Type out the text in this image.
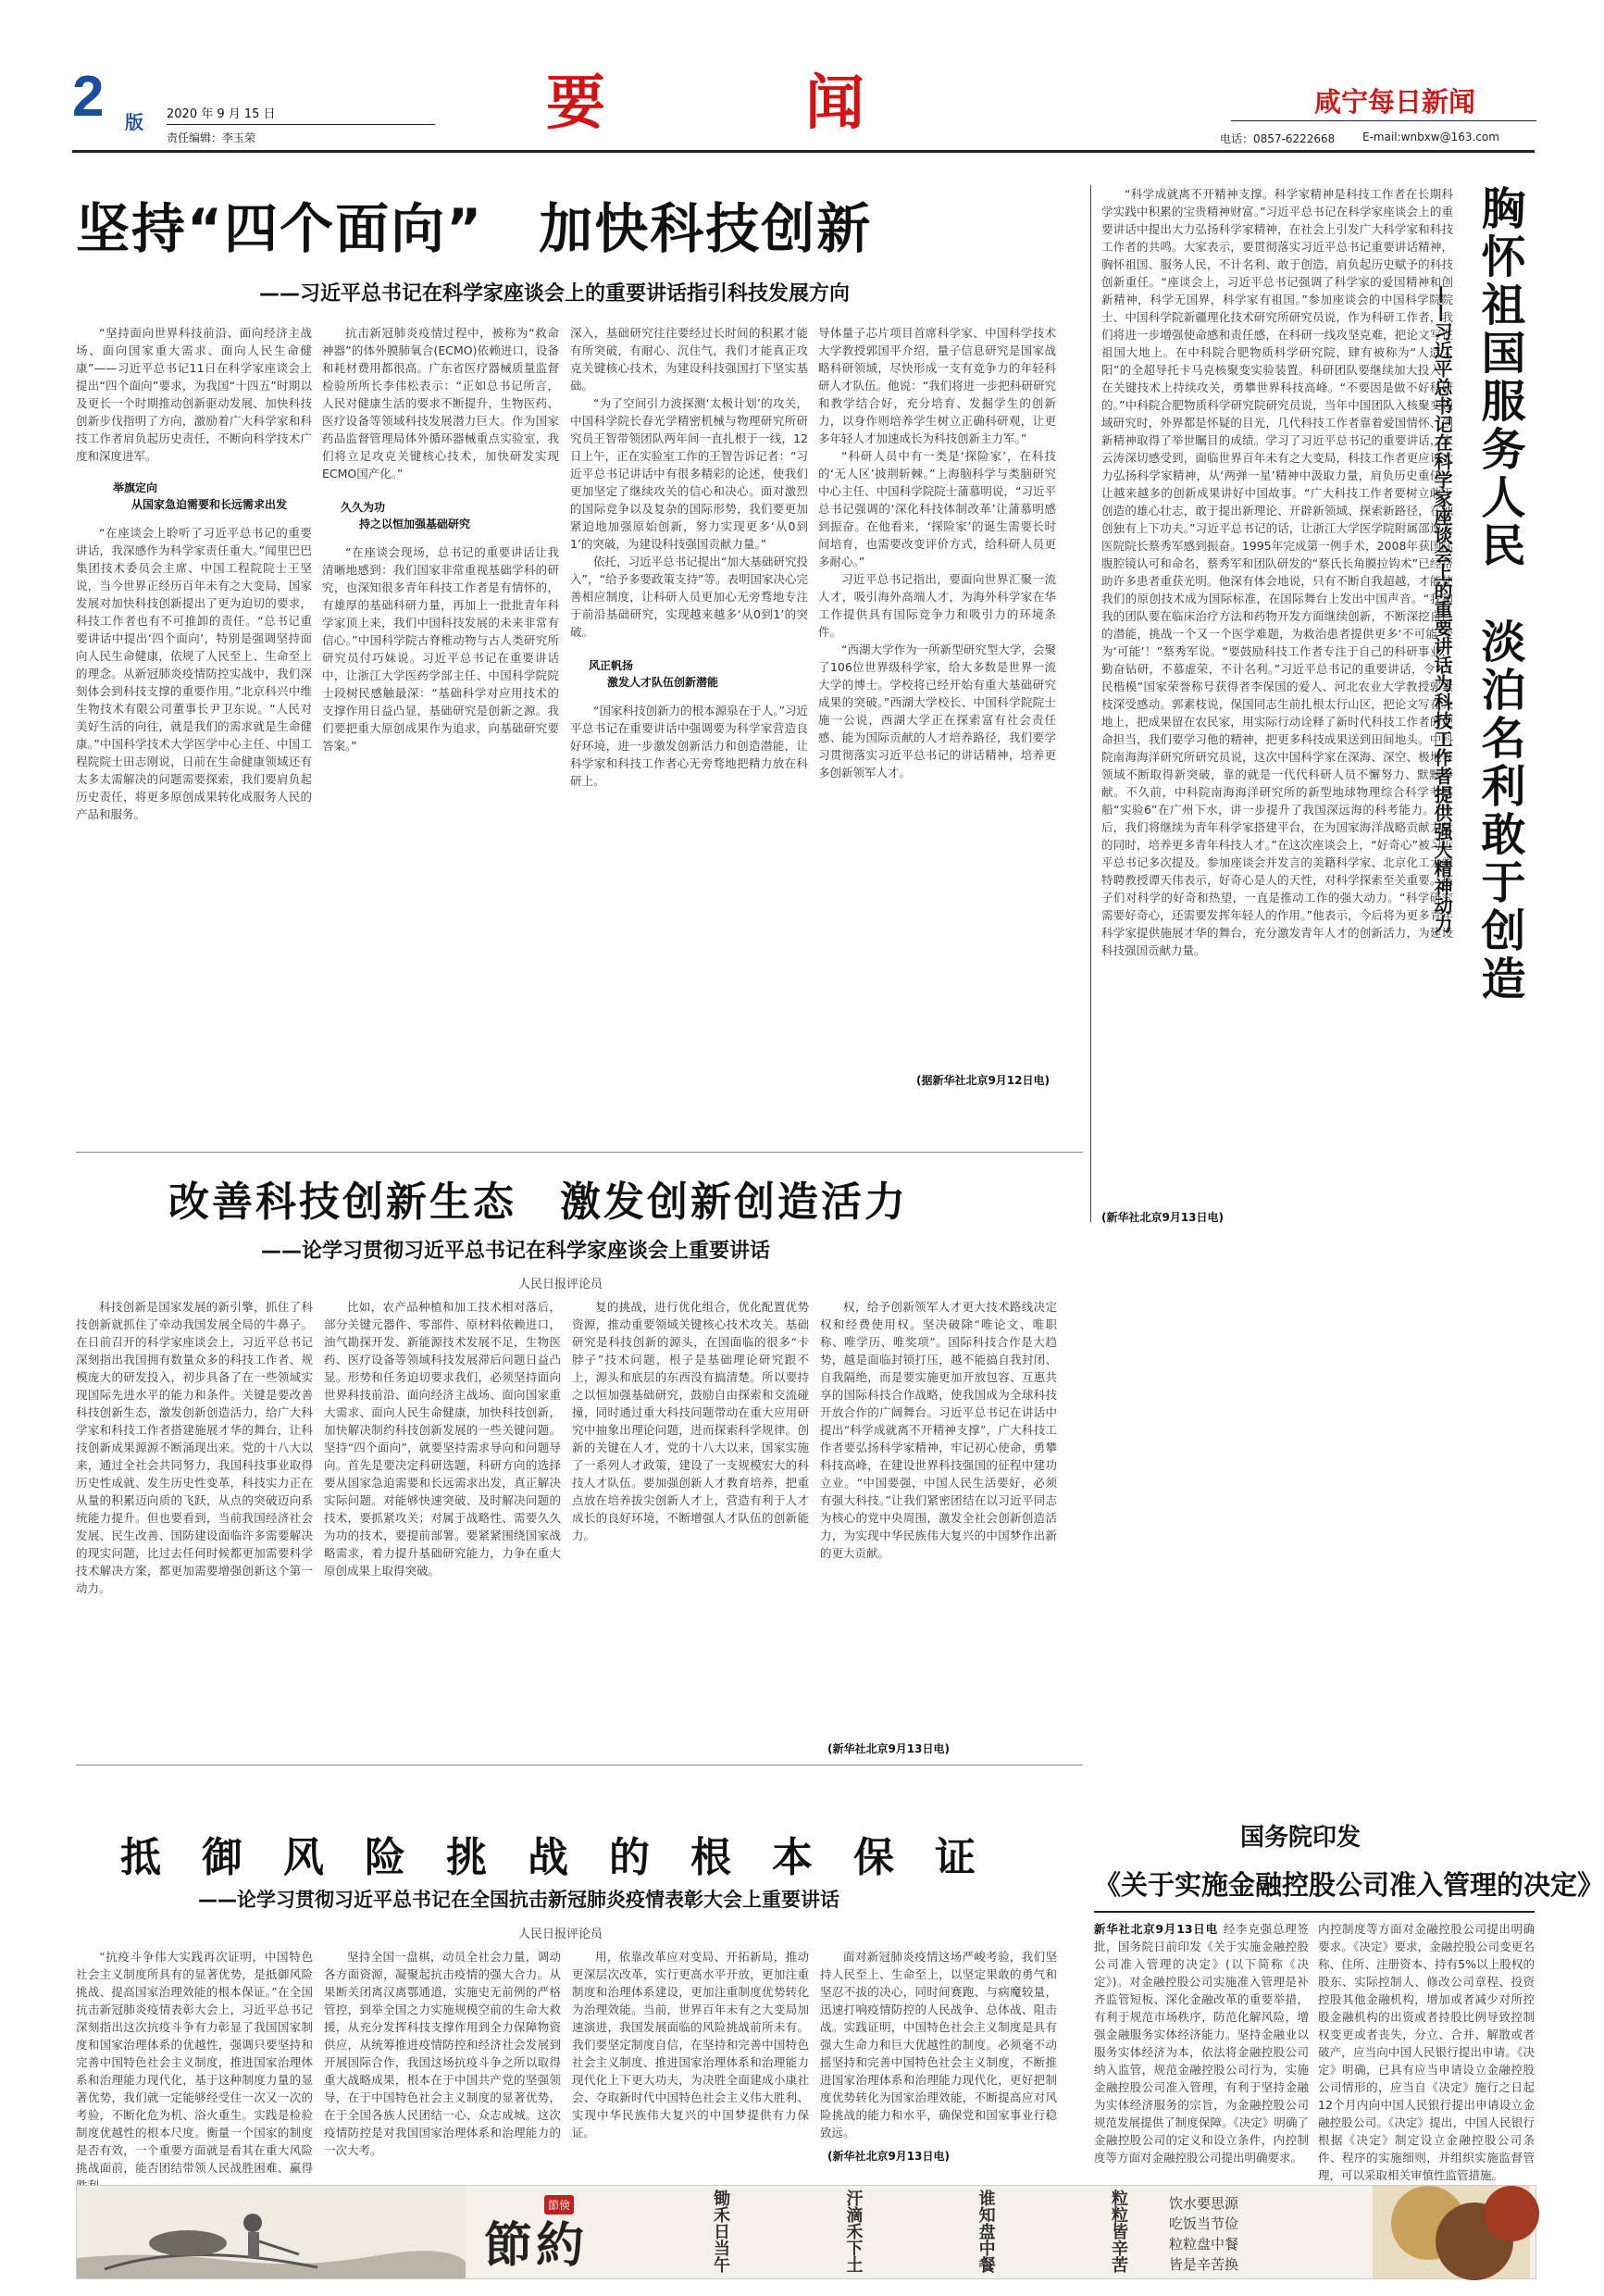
2 版 2020 年 9 月 15 日
责任编辑：李玉荣	要　　　闻	咸宁每日新闻
电话：0857-6222668 E-mail:wnbxw@163.com
坚持“四个面向”　加快科技创新
——习近平总书记在科学家座谈会上的重要讲话指引科技发展方向
“坚持面向世界科技前沿、面向经济主战场、面向国家重大需求、面向人民生命健康”——习近平总书记11日在科学家座谈会上提出“四个面向”要求，为我国“十四五”时期以及更长一个时期推动创新驱动发展、加快科技创新步伐指明了方向，激励着广大科学家和科技工作者肩负起历史责任，不断向科学技术广度和深度进军。
举旗定向
从国家急迫需要和长远需求出发
“在座谈会上聆听了习近平总书记的重要讲话，我深感作为科学家责任重大。”闻里巴巴集团技术委员会主席、中国工程院院士王坚说，当今世界正经历百年未有之大变局，国家发展对加快科技创新提出了更为迫切的要求，科技工作者也有不可推卸的责任。“总书记重要讲话中提出‘四个面向’，特别是强调坚持面向人民生命健康，依规了人民至上、生命至上的理念。从新冠肺炎疫情防控实战中，我们深刻体会到科技支撑的重要作用。”北京科兴中维生物技术有限公司董事长尹卫东说。“人民对美好生活的向往，就是我们的需求就是生命健康。”中国科学技术大学医学中心主任、中国工程院院士田志刚说，日前在生命健康领域还有太多太需解决的问题需要探索，我们要肩负起历史责任，将更多原创成果转化成服务人民的产品和服务。
抗击新冠肺炎疫情过程中，被称为“救命神器”的体外膜肺氧合(ECMO)依赖进口，设备和耗材费用都很高。广东省医疗器械质量监督检验所所长李伟松表示：“正如总书记所言，人民对健康生活的要求不断提升，生物医药、医疗设备等领域科技发展潜力巨大。作为国家药品监督管理局体外循环器械重点实验室，我们将立足攻克关键核心技术，加快研发实现ECMO国产化。”
久久为功
持之以恒加强基础研究
“在座谈会现场，总书记的重要讲话让我清晰地感到：我们国家非常重视基础学科的研究，也深知很多青年科技工作者是有情怀的，有雄厚的基础科研力量，再加上一批批青年科学家顶上来，我们中国科技发展的未来非常有信心。”中国科学院古脊椎动物与古人类研究所研究员付巧妹说。习近平总书记在重要讲话中，让浙江大学医药学部主任、中国科学院院士段树民感触最深：“基础科学对应用技术的支撑作用日益凸显，基础研究是创新之源。我们要把重大原创成果作为追求，向基础研究要答案。”
深入，基础研究往往要经过长时间的积累才能有所突破，有耐心、沉住气，我们才能真正攻克关键核心技术，为建设科技强国打下坚实基础。
“为了空间引力波探测‘太极计划’的攻关，中国科学院长春光学精密机械与物理研究所研究员王智带领团队两年间一直扎根于一线，12日上午，正在实验室工作的王智告诉记者：“习近平总书记讲话中有很多精彩的论述，使我们更加坚定了继续攻关的信心和决心。面对激烈的国际竞争以及复杂的国际形势，我们要更加紧迫地加强原始创新，努力实现更多‘从0到1’的突破，为建设科技强国贡献力量。”
依托，习近平总书记提出“加大基础研究投入”，“给予多要政策支持”等。表明国家决心完善相应制度，让科研人员更加心无旁骛地专注于前沿基础研究，实现越来越多‘从0到1’的突破。
风正帆扬
激发人才队伍创新潜能
“国家科技创新力的根本源泉在于人。”习近平总书记在重要讲话中强调要为科学家营造良好环境，进一步激发创新活力和创造潜能，让科学家和科技工作者心无旁骛地把精力放在科研上。
导体量子芯片项目首席科学家、中国科学技术大学教授郭国平介绍，量子信息研究是国家战略科研领域，尽快形成一支有竞争力的年轻科研人才队伍。他说：“我们将进一步把科研研究和教学结合好，充分培育、发掘学生的创新力，以身作则培养学生树立正确科研观，让更多年轻人才加速成长为科技创新主力军。”
“科研人员中有一类是‘探险家’，在科技的‘无人区’披荆斩棘。”上海脑科学与类脑研究中心主任、中国科学院院士蒲慕明说，“习近平总书记强调的‘深化科技体制改革’让蒲慕明感到振奋。在他看来，‘探险家’的诞生需要长时间培育，也需要改变评价方式，给科研人员更多耐心。”
习近平总书记指出，要面向世界汇聚一流人才，吸引海外高端人才，为海外科学家在华工作提供具有国际竞争力和吸引力的环境条件。
“西湖大学作为一所新型研究型大学，会聚了106位世界级科学家，给大多数是世界一流大学的博士。学校将已经开始有重大基础研究成果的突破。”西湖大学校长、中国科学院院士施一公说，西湖大学正在探索富有社会责任感、能为国际贡献的人才培养路径，我们要学习贯彻落实习近平总书记的讲话精神，培养更多创新领军人才。
(据新华社北京9月12日电)
“科学成就离不开精神支撑。科学家精神是科技工作者在长期科学实践中积累的宝贵精神财富。”习近平总书记在科学家座谈会上的重要讲话中提出大力弘扬科学家精神，在社会上引发广大科学家和科技工作者的共鸣。大家表示，要贯彻落实习近平总书记重要讲话精神，胸怀祖国、服务人民，不计名利、敢于创造，肩负起历史赋予的科技创新重任。“座谈会上，习近平总书记强调了科学家的爱国精神和创新精神，科学无国界，科学家有祖国。”参加座谈会的中国科学院院士、中国科学院新疆理化技术研究所研究员说，作为科研工作者，我们将进一步增强使命感和责任感，在科研一线攻坚克难，把论文写在祖国大地上。在中科院合肥物质科学研究院，肆有被称为“人造太阳”的全超导托卡马克核聚变实验装置。科研团队要继续加大投入，在关键技术上持续攻关，勇攀世界科技高峰。“不要因是做不好科研的。”中科院合肥物质科学研究院研究员说，当年中国团队入核聚变领域研究时，外界都是怀疑的目光，几代科技工作者靠着爱国情怀、创新精神取得了举世瞩目的成绩。学习了习近平总书记的重要讲话，宋云涛深切感受到，面临世界百年未有之大变局，科技工作者更应该大力弘扬科学家精神，从‘两弹一星’精神中汲取力量，肩负历史重任，让越来越多的创新成果讲好中国故事。“广大科技工作者要树立敢于创造的雄心壮志，敢于提出新理论、开辟新领域、探索新路径，在独创独有上下功夫。”习近平总书记的话，让浙江大学医学院附属邵逸夫医院院长蔡秀军感到振奋。1995年完成第一例手术，2008年获国际腹腔镜认可和命名，蔡秀军和团队研发的“蔡氏长角膜拉钩术”已经帮助许多患者重获光明。他深有体会地说，只有不断自我超越，才能使我们的原创技术成为国际标准，在国际舞台上发出中国声音。“我和我的团队要在临床治疗方法和药物开发方面继续创新，不断深挖自己的潜能，挑战一个又一个医学难题，为救治患者提供更多‘不可能’变为‘可能’！”蔡秀军说。“要鼓励科技工作者专注于自己的科研事业，勤奋钻研，不慕虚荣，不计名利。”习近平总书记的重要讲话，令“人民楷模”国家荣誉称号获得者李保国的爱人、河北农业大学教授郭素枝深受感动。郭素枝说，保国同志生前扎根太行山区，把论文写在大地上，把成果留在农民家，用实际行动诠释了新时代科技工作者的使命担当，我们要学习他的精神，把更多科技成果送到田间地头。中科院南海海洋研究所研究员说，这次中国科学家在深海、深空、极地等领域不断取得新突破，靠的就是一代代科研人员不懈努力、默默奉献。不久前，中科院南海海洋研究所的新型地球物理综合科学考察船“实验6”在广州下水，讲一步提升了我国深远海的科考能力。“今后，我们将继续为青年科学家搭建平台，在为国家海洋战略贡献力量的同时，培养更多青年科技人才。”在这次座谈会上，“好奇心”被习近平总书记多次提及。参加座谈会并发言的美籍科学家、北京化工大学特聘教授谭天伟表示，好奇心是人的天性，对科学探索至关重要。孩子们对科学的好奇和热望，一直是推动工作的强大动力。“科学研究需要好奇心，还需要发挥年轻人的作用。”他表示，今后将为更多青年科学家提供施展才华的舞台，充分激发青年人才的创新活力，为建设科技强国贡献力量。
(新华社北京9月13日电)
胸怀祖国服务人民　淡泊名利敢于创造
——习近平总书记在科学家座谈会上的重要讲话为科技工作者提供强大精神动力
改善科技创新生态　激发创新创造活力
——论学习贯彻习近平总书记在科学家座谈会上重要讲话
人民日报评论员
科技创新是国家发展的新引擎，抓住了科技创新就抓住了牵动我国发展全局的牛鼻子。在日前召开的科学家座谈会上，习近平总书记深刻指出我国拥有数量众多的科技工作者、规模庞大的研发投入，初步具备了在一些领域实现国际先进水平的能力和条件。关键是要改善科技创新生态，激发创新创造活力，给广大科学家和科技工作者搭建施展才华的舞台，让科技创新成果源源不断涌现出来。党的十八大以来，通过全社会共同努力，我国科技事业取得历史性成就、发生历史性变革，科技实力正在从量的积累迈向质的飞跃，从点的突破迈向系统能力提升。但也要看到，当前我国经济社会发展、民生改善、国防建设面临许多需要解决的现实问题，比过去任何时候都更加需要科学技术解决方案，都更加需要增强创新这个第一动力。
比如，农产品种植和加工技术相对落后，部分关键元器件、零部件、原材料依赖进口，油气勘探开发、新能源技术发展不足，生物医药、医疗设备等领域科技发展滞后问题日益凸显。形势和任务迫切要求我们，必须坚持面向世界科技前沿、面向经济主战场、面向国家重大需求、面向人民生命健康，加快科技创新，加快解决制约科技创新发展的一些关键问题。坚持“四个面向”，就要坚持需求导向和问题导向。首先是要决定科研选题，科研方向的选择要从国家急迫需要和长远需求出发，真正解决实际问题。对能够快速突破、及时解决问题的技术，要抓紧攻关；对属于战略性、需要久久为功的技术，要提前部署。要紧紧围绕国家战略需求，着力提升基础研究能力，力争在重大原创成果上取得突破。
复的挑战，进行优化组合，优化配置优势资源，推动重要领域关键核心技术攻关。基础研究是科技创新的源头，在国面临的很多“卡脖子”技术问题，根子是基础理论研究跟不上，源头和底层的东西没有搞清楚。所以要持之以恒加强基础研究，鼓励自由探索和交流碰撞，同时通过重大科技问题带动在重大应用研究中抽象出理论问题，进而探索科学规律。创新的关键在人才，党的十八大以来，国家实施了一系列人才政策，建设了一支规模宏大的科技人才队伍。要加强创新人才教育培养，把重点放在培养拔尖创新人才上，营造有利于人才成长的良好环境，不断增强人才队伍的创新能力。
权，给予创新领军人才更大技术路线决定权和经费使用权。坚决破除“唯论文、唯职称、唯学历、唯奖项”。国际科技合作是大趋势，越是面临封锁打压，越不能搞自我封闭、自我隔绝，而是要实施更加开放包容、互惠共享的国际科技合作战略，使我国成为全球科技开放合作的广阔舞台。习近平总书记在讲话中提出“科学成就离不开精神支撑”，广大科技工作者要弘扬科学家精神，牢记初心使命，勇攀科技高峰，在建设世界科技强国的征程中建功立业。“中国要强，中国人民生活要好，必须有强大科技。”让我们紧密团结在以习近平同志为核心的党中央周围，激发全社会创新创造活力，为实现中华民族伟大复兴的中国梦作出新的更大贡献。
(新华社北京9月13日电)
国务院印发
《关于实施金融控股公司准入管理的决定》
新华社北京9月13日电 经李克强总理签批，国务院日前印发《关于实施金融控股公司准入管理的决定》(以下简称《决定》)。对金融控股公司实施准入管理是补齐监管短板、深化金融改革的重要举措，有利于规范市场秩序，防范化解风险，增强金融服务实体经济能力。坚持金融业以服务实体经济为本，依法将金融控股公司纳入监管，规范金融控股公司行为，实施金融控股公司准入管理，有利于坚持金融为实体经济服务的宗旨，为金融控股公司规范发展提供了制度保障。《决定》明确了金融控股公司的定义和设立条件，内控制度等方面对金融控股公司提出明确要求。
内控制度等方面对金融控股公司提出明确要求。《决定》要求，金融控股公司变更名称、住所、注册资本、持有5%以上股权的股东、实际控制人、修改公司章程、投资控股其他金融机构，增加或者减少对所控股金融机构的出资或者持股比例导致控制权变更或者丧失，分立、合并、解散或者破产，应当向中国人民银行提出申请。《决定》明确，已具有应当申请设立金融控股公司情形的，应当自《决定》施行之日起12个月内向中国人民银行提出申请设立金融控股公司。《决定》提出，中国人民银行根据《决定》制定设立金融控股公司条件、程序的实施细则，并组织实施监督管理，可以采取相关审慎性监管措施。
抵　御　风　险　挑　战　的　根　本　保　证
——论学习贯彻习近平总书记在全国抗击新冠肺炎疫情表彰大会上重要讲话
人民日报评论员
“抗疫斗争伟大实践再次证明，中国特色社会主义制度所具有的显著优势，是抵御风险挑战、提高国家治理效能的根本保证。”在全国抗击新冠肺炎疫情表彰大会上，习近平总书记深刻指出这次抗疫斗争有力彰显了我国国家制度和国家治理体系的优越性，强调只要坚持和完善中国特色社会主义制度，推进国家治理体系和治理能力现代化，基于这种制度力量的显著优势，我们就一定能够经受住一次又一次的考验，不断化危为机、浴火重生。实践是检验制度优越性的根本尺度。衡量一个国家的制度是否有效，一个重要方面就是看其在重大风险挑战面前，能否团结带领人民战胜困难、赢得
坚持全国一盘棋，动员全社会力量，调动各方面资源，凝聚起抗击疫情的强大合力。从果断关闭离汉离鄂通道，实施史无前例的严格管控，到举全国之力实施规模空前的生命大救援，从充分发挥科技支撑作用到全力保障物资供应，从统筹推进疫情防控和经济社会发展到开展国际合作，我国这场抗疫斗争之所以取得重大战略成果，根本在于中国共产党的坚强领导，在于中国特色社会主义制度的显著优势，在于全国各族人民团结一心、众志成城。这次疫情防控是对我国国家治理体系和治理能力的一次大考。
用，依靠改革应对变局、开拓新局，推动更深层次改革，实行更高水平开放，更加注重制度和治理体系建设，更加注重制度优势转化为治理效能。当前，世界百年未有之大变局加速演进，我国发展面临的风险挑战前所未有。我们要坚定制度自信，在坚持和完善中国特色社会主义制度、推进国家治理体系和治理能力现代化上下更大功夫，为决胜全面建成小康社会、夺取新时代中国特色社会主义伟大胜利、实现中华民族伟大复兴的中国梦提供有力保证。
面对新冠肺炎疫情这场严峻考验，我们坚持人民至上、生命至上，以坚定果敢的勇气和坚忍不拔的决心，同时间赛跑、与病魔较量，迅速打响疫情防控的人民战争、总体战、阻击战。实践证明，中国特色社会主义制度是具有强大生命力和巨大优越性的制度。必须毫不动摇坚持和完善中国特色社会主义制度，不断推进国家治理体系和治理能力现代化，更好把制度优势转化为国家治理效能，不断提高应对风险挑战的能力和水平，确保党和国家事业行稳致远。
(新华社北京9月13日电)
節約
節倹	粒粒皆辛苦
谁知盘中餐
汗滴禾下土
锄禾日当午	饮水要思源
吃饭当节俭
粒粒盘中餐
皆是辛苦换
